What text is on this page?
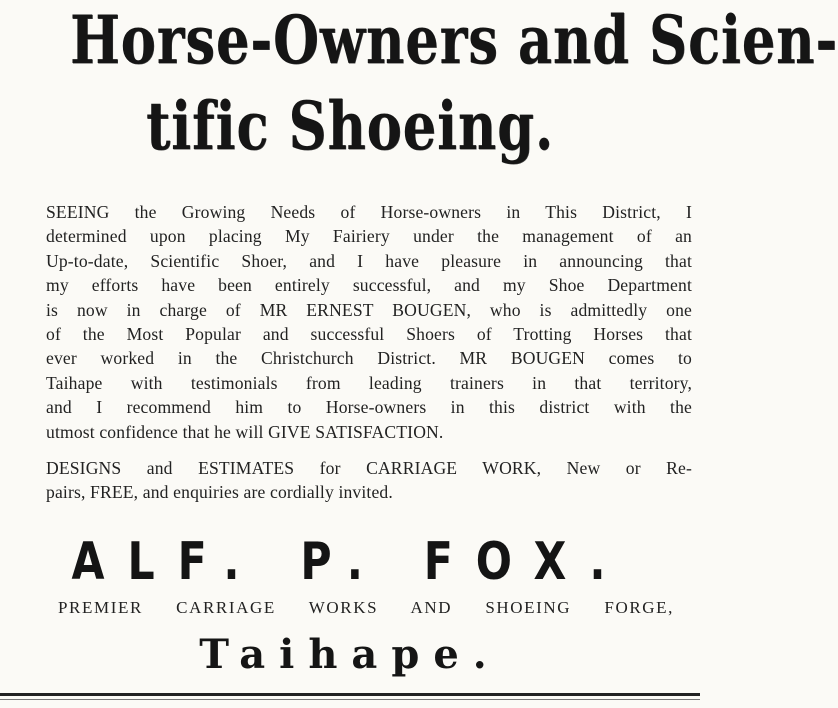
Horse-Owners and Scien-
tific Shoeing.
SEEING the Growing Needs of Horse-owners in This District, I
determined upon placing My Fairiery under the management of an
Up-to-date, Scientific Shoer, and I have pleasure in announcing that
my efforts have been entirely successful, and my Shoe Department
is now in charge of MR ERNEST BOUGEN, who is admittedly one
of the Most Popular and successful Shoers of Trotting Horses that
ever worked in the Christchurch District. MR BOUGEN comes to
Taihape with testimonials from leading trainers in that territory,
and I recommend him to Horse-owners in this district with the
utmost confidence that he will GIVE SATISFACTION.
DESIGNS and ESTIMATES for CARRIAGE WORK, New or Re-
pairs, FREE, and enquiries are cordially invited.
ALF. P. FOX.
PREMIER CARRIAGE WORKS AND SHOEING FORGE,
Taihape.
